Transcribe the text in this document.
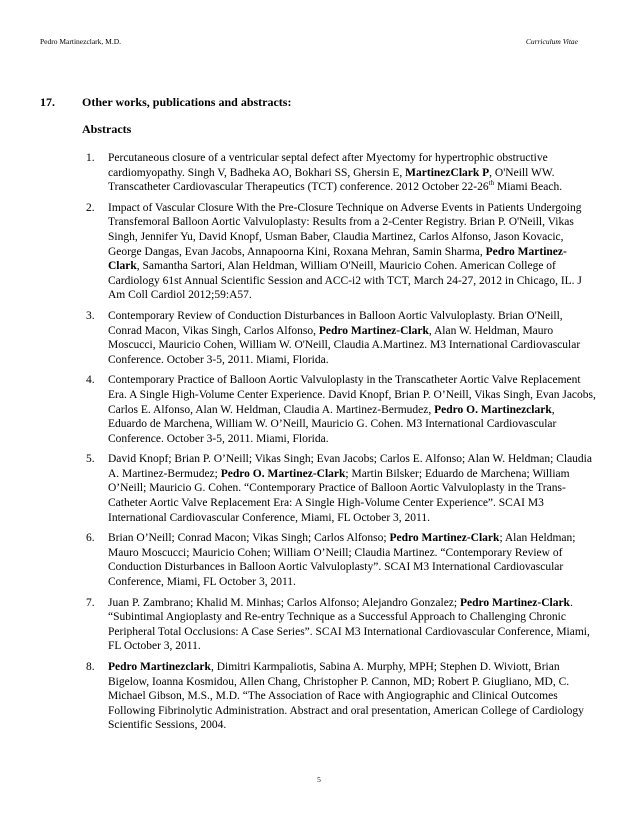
Pedro Martinezclark, M.D.	Curriculum Vitae
17. Other works, publications and abstracts:
Abstracts
1.	Percutaneous closure of a ventricular septal defect after Myectomy for hypertrophic obstructive cardiomyopathy. Singh V, Badheka AO, Bokhari SS, Ghersin E, MartinezClark P, O'Neill WW. Transcatheter Cardiovascular Therapeutics (TCT) conference. 2012 October 22-26th Miami Beach.
2.	Impact of Vascular Closure With the Pre-Closure Technique on Adverse Events in Patients Undergoing Transfemoral Balloon Aortic Valvuloplasty: Results from a 2-Center Registry. Brian P. O'Neill, Vikas Singh, Jennifer Yu, David Knopf, Usman Baber, Claudia Martinez, Carlos Alfonso, Jason Kovacic, George Dangas, Evan Jacobs, Annapoorna Kini, Roxana Mehran, Samin Sharma, Pedro Martinez-Clark, Samantha Sartori, Alan Heldman, William O'Neill, Mauricio Cohen. American College of Cardiology 61st Annual Scientific Session and ACC-i2 with TCT, March 24-27, 2012 in Chicago, IL. J Am Coll Cardiol 2012;59:A57.
3.	Contemporary Review of Conduction Disturbances in Balloon Aortic Valvuloplasty. Brian O'Neill, Conrad Macon, Vikas Singh, Carlos Alfonso, Pedro Martinez-Clark, Alan W. Heldman, Mauro Moscucci, Mauricio Cohen, William W. O'Neill, Claudia A.Martinez. M3 International Cardiovascular Conference. October 3-5, 2011. Miami, Florida.
4.	Contemporary Practice of Balloon Aortic Valvuloplasty in the Transcatheter Aortic Valve Replacement Era. A Single High-Volume Center Experience. David Knopf, Brian P. O’Neill, Vikas Singh, Evan Jacobs, Carlos E. Alfonso, Alan W. Heldman, Claudia A. Martinez-Bermudez, Pedro O. Martinezclark, Eduardo de Marchena, William W. O’Neill, Mauricio G. Cohen. M3 International Cardiovascular Conference. October 3-5, 2011. Miami, Florida.
5.	David Knopf; Brian P. O’Neill; Vikas Singh; Evan Jacobs; Carlos E. Alfonso; Alan W. Heldman; Claudia A. Martinez-Bermudez; Pedro O. Martinez-Clark; Martin Bilsker; Eduardo de Marchena; William O’Neill; Mauricio G. Cohen. “Contemporary Practice of Balloon Aortic Valvuloplasty in the Trans-Catheter Aortic Valve Replacement Era: A Single High-Volume Center Experience”. SCAI M3 International Cardiovascular Conference, Miami, FL October 3, 2011.
6.	Brian O’Neill; Conrad Macon; Vikas Singh; Carlos Alfonso; Pedro Martinez-Clark; Alan Heldman; Mauro Moscucci; Mauricio Cohen; William O’Neill; Claudia Martinez. “Contemporary Review of Conduction Disturbances in Balloon Aortic Valvuloplasty”. SCAI M3 International Cardiovascular Conference, Miami, FL October 3, 2011.
7.	Juan P. Zambrano; Khalid M. Minhas; Carlos Alfonso; Alejandro Gonzalez; Pedro Martinez-Clark. “Subintimal Angioplasty and Re-entry Technique as a Successful Approach to Challenging Chronic Peripheral Total Occlusions: A Case Series”. SCAI M3 International Cardiovascular Conference, Miami, FL October 3, 2011.
8.	Pedro Martinezclark, Dimitri Karmpaliotis, Sabina A. Murphy, MPH; Stephen D. Wiviott, Brian Bigelow, Ioanna Kosmidou, Allen Chang, Christopher P. Cannon, MD; Robert P. Giugliano, MD, C. Michael Gibson, M.S., M.D. “The Association of Race with Angiographic and Clinical Outcomes Following Fibrinolytic Administration. Abstract and oral presentation, American College of Cardiology Scientific Sessions, 2004.
5
